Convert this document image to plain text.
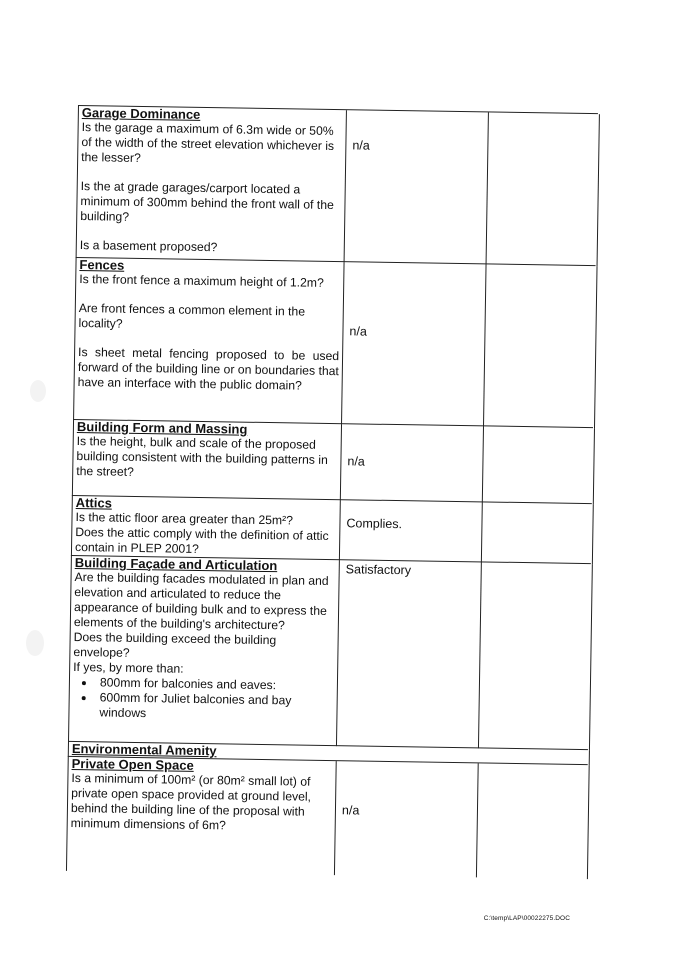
Garage Dominance

Is the garage a maximum of 6.3m wide or 50% of the width of the street elevation whichever is the lesser?

Is the at grade garages/carport located a minimum of 300mm behind the front wall of the building?

Is a basement proposed?

n/a

Fences

Is the front fence a maximum height of 1.2m?

Are front fences a common element in the locality?

Is sheet metal fencing proposed to be used forward of the building line or on boundaries that have an interface with the public domain?

n/a

Building Form and Massing

Is the height, bulk and scale of the proposed building consistent with the building patterns in the street?

n/a

Attics

Is the attic floor area greater than 25m²?

Does the attic comply with the definition of attic contain in PLEP 2001?

Complies.

Building Façade and Articulation

Are the building facades modulated in plan and elevation and articulated to reduce the appearance of building bulk and to express the elements of the building's architecture?

Does the building exceed the building envelope?

If yes, by more than:

• 800mm for balconies and eaves:
• 600mm for Juliet balconies and bay windows
Satisfactory

Environmental Amenity

Private Open Space

Is a minimum of 100m² (or 80m² small lot) of private open space provided at ground level, behind the building line of the proposal with minimum dimensions of 6m?

n/a
C:\temp\LAP\00022275.DOC
